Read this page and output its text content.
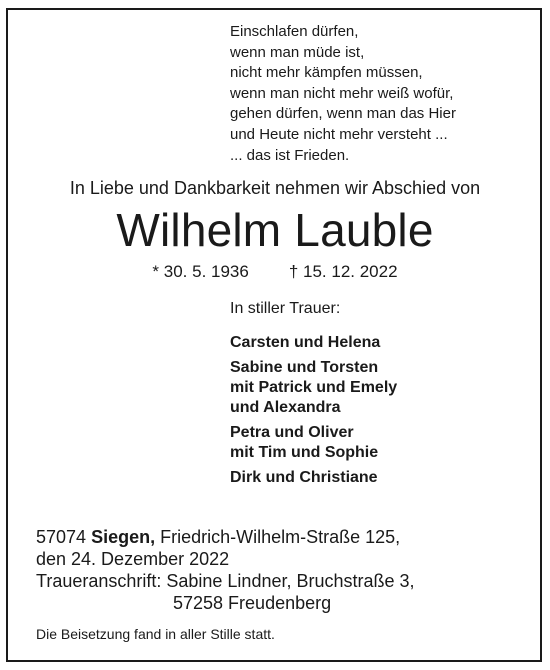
Einschlafen dürfen,
wenn man müde ist,
nicht mehr kämpfen müssen,
wenn man nicht mehr weiß wofür,
gehen dürfen, wenn man das Hier
und Heute nicht mehr versteht ...
... das ist Frieden.
In Liebe und Dankbarkeit nehmen wir Abschied von
Wilhelm Lauble
* 30. 5. 1936 † 15. 12. 2022
In stiller Trauer:
Carsten und Helena
Sabine und Torsten
mit Patrick und Emely
und Alexandra
Petra und Oliver
mit Tim und Sophie
Dirk und Christiane
57074 Siegen, Friedrich-Wilhelm-Straße 125,
den 24. Dezember 2022
Traueranschrift: Sabine Lindner, Bruchstraße 3,
57258 Freudenberg
Die Beisetzung fand in aller Stille statt.
